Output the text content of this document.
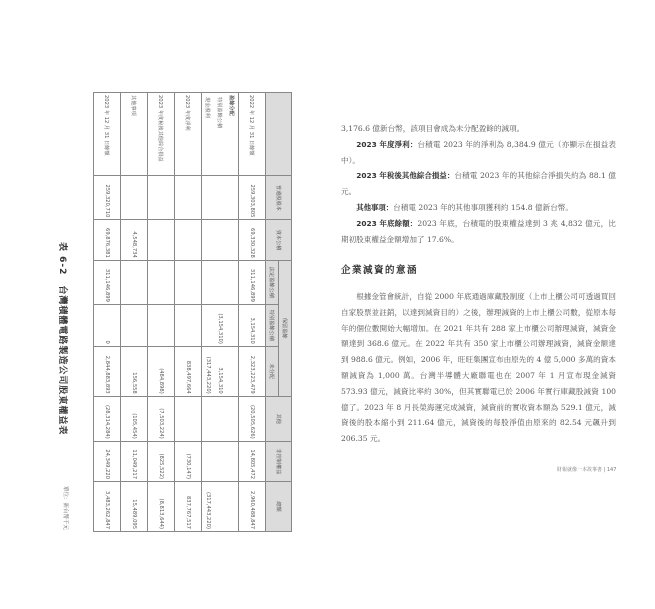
	普通股股本	資本公積	保留盈餘			其他	非控制權益	總額
			法定盈餘公積	特別盈餘公積	未分配			
2022 年 12 月 31 日餘額	259,303,805	69,330,328	311,146,899	3,154,310	2,323,223,479	(20,505,626)	14,805,472	2,960,488,847
盈餘分配								
特別盈餘公積				(3,154,310)	3,154,310			
現金股利					(317,443,220)			(317,443,220)
2023 年度淨利					838,497,664		(730,147)	837,767,517
2023 年度稅後其他綜合損益					(484,898)	(7,503,224)	(825,522)	(8,813,644)
其他事項		4,548,734			156,558	(105,454)	11,049,217	15,489,095
2023 年 12 月 31 日餘額	259,320,710	69,876,381	311,146,899	0	2,844,883,893	(28,314,284)	24,349,220	3,483,262,847
表 6-2　台灣積體電路製造公司股東權益表
單位：新台幣千元

3,176.6 億新台幣，該項目會成為未分配盈餘的減項。

2023 年度淨利：台積電 2023 年的淨利為 8,384.9 億元（亦顯示在損益表中）。

2023 年稅後其他綜合損益：台積電 2023 年的其他綜合淨損失約為 88.1 億元。

其他事項：台積電 2023 年的其他事項獲利約 154.8 億新台幣。

2023 年底餘額：2023 年底，台積電的股東權益達到 3 兆 4,832 億元，比期初股東權益金額增加了 17.6%。

企業減資的意涵

根據金管會統計，自從 2000 年底通過庫藏股制度（上市上櫃公司可透過買回自家股票並註銷，以達到減資目的）之後，辦理減資的上市上櫃公司數，從原本每年的個位數開始大幅增加。在 2021 年共有 288 家上市櫃公司辦理減資，減資金額達到 368.6 億元。在 2022 年共有 350 家上市櫃公司辦理減資，減資金額達到 988.6 億元。例如，2006 年，旺旺集團宣布由原先的 4 億 5,000 多萬的資本額減資為 1,000 萬。台灣半導體大廠聯電也在 2007 年 1 月宣布現金減資 573.93 億元，減資比率約 30%，但其實聯電已於 2006 年實行庫藏股減資 100 億了。2023 年 8 月長榮海運完成減資，減資前的實收資本額為 529.1 億元，減資後的股本縮小到 211.64 億元，減資後的每股淨值由原來的 82.54 元飆升到 206.35 元。

財報就像一本故事書 | 147
